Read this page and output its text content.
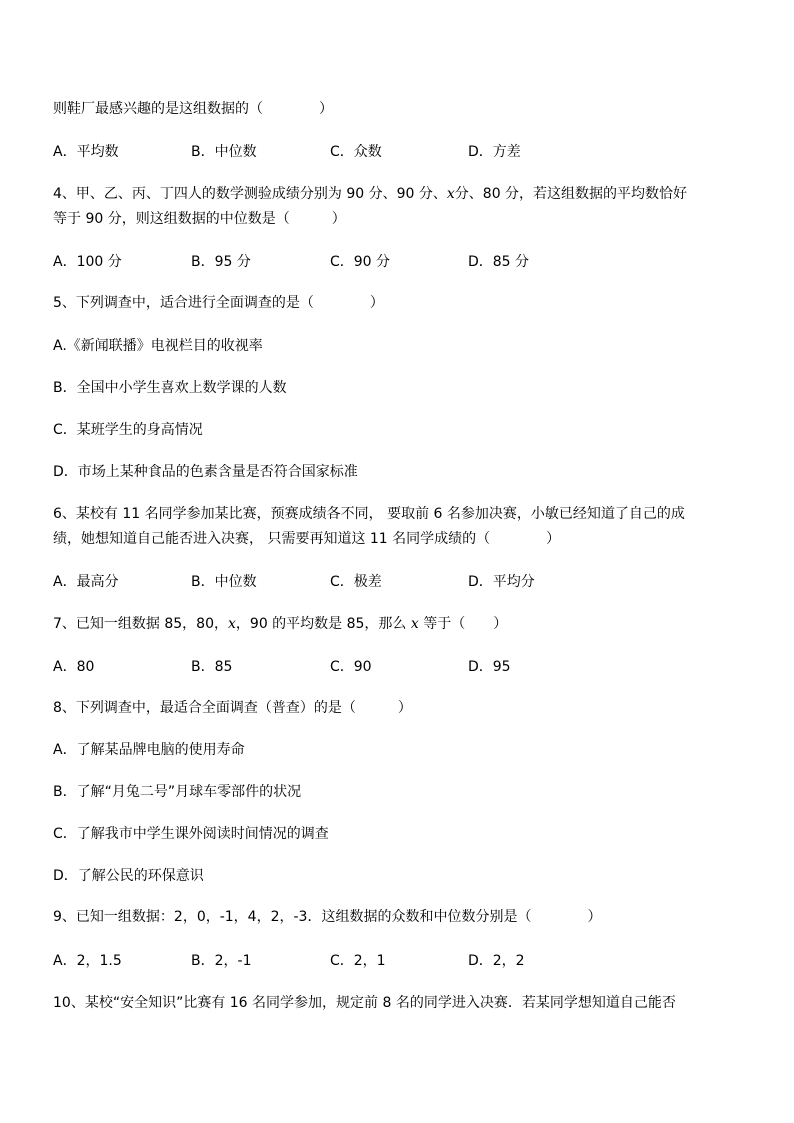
则鞋厂最感兴趣的是这组数据的（　　　　）
A．平均数	B．中位数	C．众数	D．方差
4、甲、乙、丙、丁四人的数学测验成绩分别为 90 分、90 分、x分、80 分，若这组数据的平均数恰好
等于 90 分，则这组数据的中位数是（　　　）
A．100 分	B．95 分	C．90 分	D．85 分
5、下列调查中，适合进行全面调查的是（　　　　）
A.《新闻联播》电视栏目的收视率
B．全国中小学生喜欢上数学课的人数
C．某班学生的身高情况
D．市场上某种食品的色素含量是否符合国家标准
6、某校有 11 名同学参加某比赛，预赛成绩各不同， 要取前 6 名参加决赛，小敏已经知道了自己的成
绩，她想知道自己能否进入决赛， 只需要再知道这 11 名同学成绩的（　　　　）
A．最高分	B．中位数	C．极差	D．平均分
7、已知一组数据 85，80，x，90 的平均数是 85，那么 x 等于（　　）
A．80	B．85	C．90	D．95
8、下列调查中，最适合全面调查（普查）的是（　　　）
A．了解某品牌电脑的使用寿命
B．了解“月兔二号”月球车零部件的状况
C．了解我市中学生课外阅读时间情况的调查
D．了解公民的环保意识
9、已知一组数据：2，0，-1，4，2，-3．这组数据的众数和中位数分别是（　　　　）
A．2，1.5	B．2，-1	C．2，1	D．2，2
10、某校“安全知识”比赛有 16 名同学参加，规定前 8 名的同学进入决赛．若某同学想知道自己能否
